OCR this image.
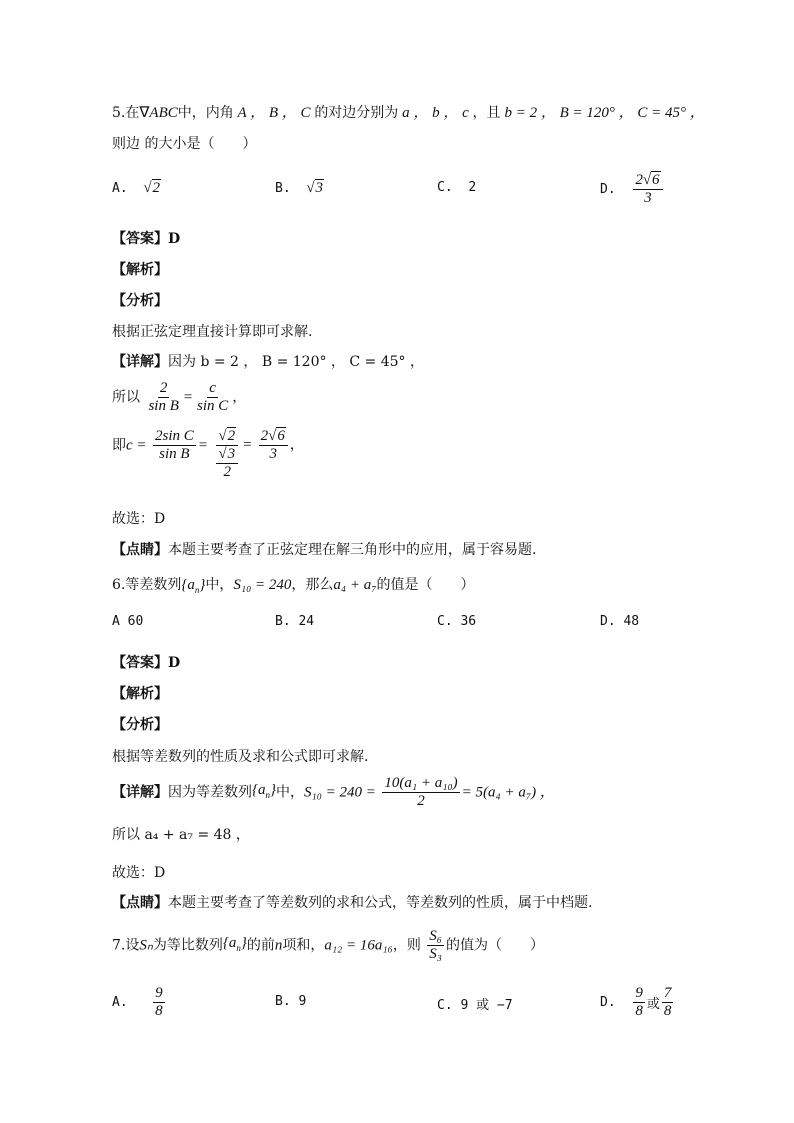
5.在∇ABC中，内角 A ， B ， C 的对边分别为 a ， b ， c ，且 b = 2 ， B = 120° ， C = 45° ，
则边 的大小是（　　）
A. √2	B. √3	C. 2	D. $\frac{2√6}{3}$
【答案】D
【解析】
【分析】
根据正弦定理直接计算即可求解.
【详解】因为 b = 2 ， B = 120° ， C = 45° ，
所以 $\frac{2}{\text{sin B}} = \frac{c}{\text{sin C}}$ ，
即$c = \frac{\text{2sin C}}{\text{sin B}} = √2$
√3
$2 = \frac{2√6}{3}$ ，
故选：D
【点睛】本题主要考查了正弦定理在解三角形中的应用，属于容易题.
6.等差数列$\{a_n\}$中，S₁₀ = 240，那么a₄ + a₇的值是（　　）
A 60	B. 24	C. 36	D. 48
【答案】D
【解析】
【分析】
根据等差数列的性质及求和公式即可求解.
【详解】因为等差数列$\{a_n\}$中，$S_{10} = 240 = \frac{\text{10(a₁ + a₁₀)}}{2} = 5(a_4 + a_7)$ ，
所以 a₄ + a₇ = 48 ，
故选：D
【点睛】本题主要考查了等差数列的求和公式，等差数列的性质，属于中档题.
7.设Sₙ为等比数列$\{a_n\}$的前n项和，a₁₂ = 16a₁₆，则 $\frac{\text{S₆}}{\text{S₃}}$ 的值为（　　）
A. $\frac{9}{8}$	B. 9	C. 9 或 −7	D. $\frac{9}{8}$ 或 $\frac{7}{8}$
